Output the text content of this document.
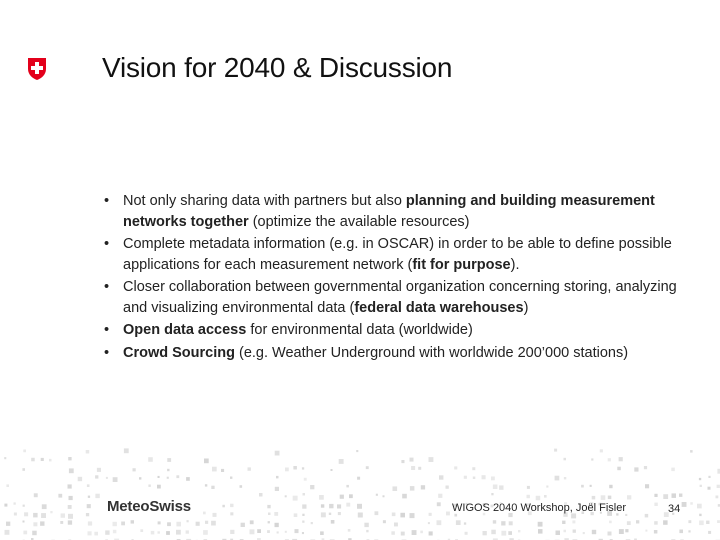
Vision for 2040 & Discussion
• Not only sharing data with partners but also planning and building measurement networks together (optimize the available resources)
• Complete metadata information (e.g. in OSCAR) in order to be able to define possible applications for each measurement network (fit for purpose).
• Closer collaboration between governmental organization concerning storing, analyzing and visualizing environmental data (federal data warehouses)
• Open data access for environmental data (worldwide)
• Crowd Sourcing (e.g. Weather Underground with worldwide 200’000 stations)
MeteoSwiss	WIGOS 2040 Workshop, Joël Fisler	34
